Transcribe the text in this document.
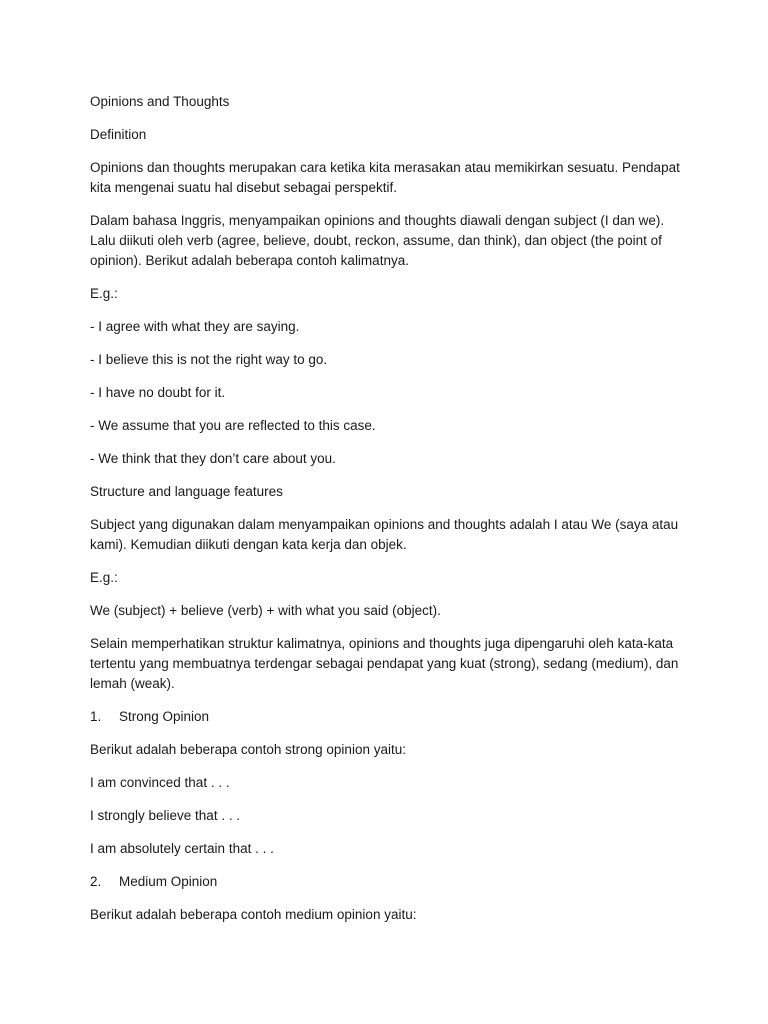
Opinions and Thoughts

Definition

Opinions dan thoughts merupakan cara ketika kita merasakan atau memikirkan sesuatu. Pendapat kita mengenai suatu hal disebut sebagai perspektif.

Dalam bahasa Inggris, menyampaikan opinions and thoughts diawali dengan subject (I dan we). Lalu diikuti oleh verb (agree, believe, doubt, reckon, assume, dan think), dan object (the point of opinion). Berikut adalah beberapa contoh kalimatnya.

E.g.:

- I agree with what they are saying.

- I believe this is not the right way to go.

- I have no doubt for it.

- We assume that you are reflected to this case.

- We think that they don’t care about you.

Structure and language features

Subject yang digunakan dalam menyampaikan opinions and thoughts adalah I atau We (saya atau kami). Kemudian diikuti dengan kata kerja dan objek.

E.g.:

We (subject) + believe (verb) + with what you said (object).

Selain memperhatikan struktur kalimatnya, opinions and thoughts juga dipengaruhi oleh kata-kata tertentu yang membuatnya terdengar sebagai pendapat yang kuat (strong), sedang (medium), dan lemah (weak).

1.	Strong Opinion

Berikut adalah beberapa contoh strong opinion yaitu:

I am convinced that . . .

I strongly believe that . . .

I am absolutely certain that . . .

2.	Medium Opinion

Berikut adalah beberapa contoh medium opinion yaitu:
